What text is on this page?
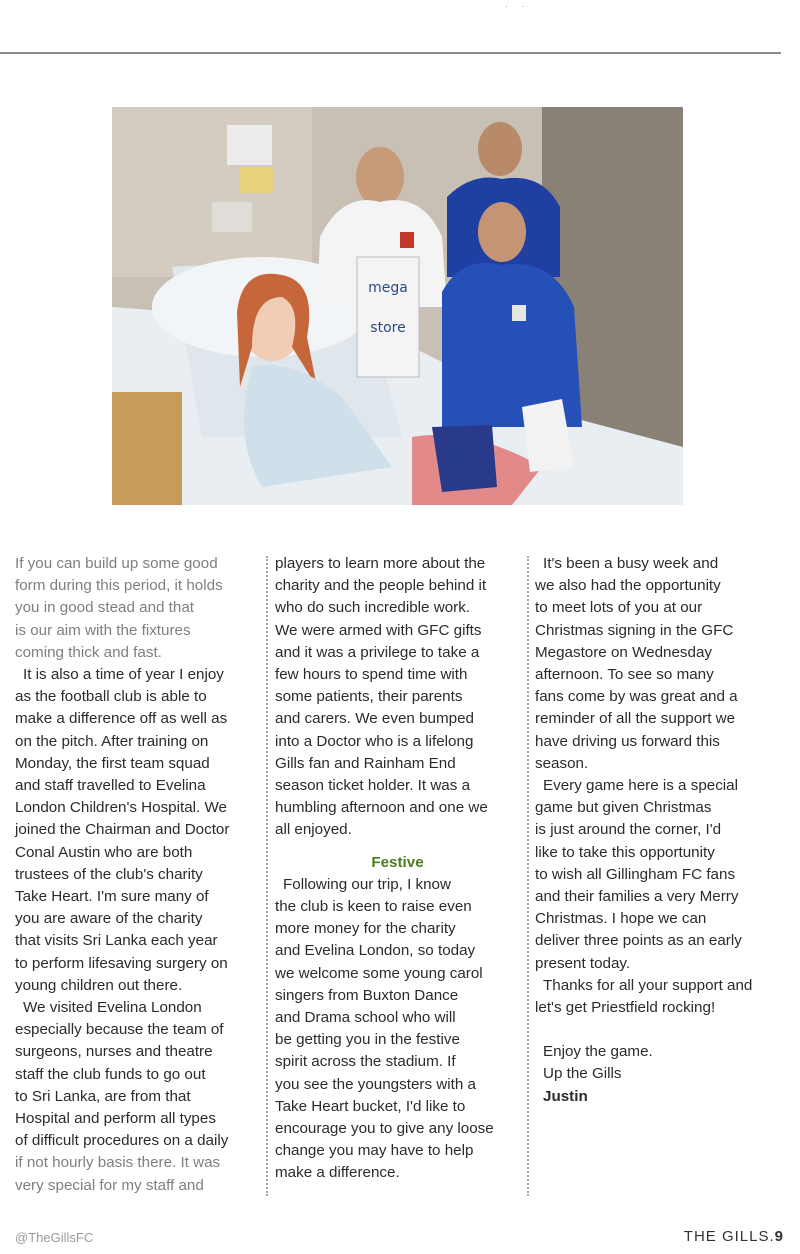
· ·
mega
store
If you can build up some good
form during this period, it holds
you in good stead and that
is our aim with the fixtures
coming thick and fast.
It is also a time of year I enjoy
as the football club is able to
make a difference off as well as
on the pitch. After training on
Monday, the first team squad
and staff travelled to Evelina
London Children's Hospital. We
joined the Chairman and Doctor
Conal Austin who are both
trustees of the club's charity
Take Heart. I'm sure many of
you are aware of the charity
that visits Sri Lanka each year
to perform lifesaving surgery on
young children out there.
We visited Evelina London
especially because the team of
surgeons, nurses and theatre
staff the club funds to go out
to Sri Lanka, are from that
Hospital and perform all types
of difficult procedures on a daily
if not hourly basis there. It was
very special for my staff and
players to learn more about the
charity and the people behind it
who do such incredible work.
We were armed with GFC gifts
and it was a privilege to take a
few hours to spend time with
some patients, their parents
and carers. We even bumped
into a Doctor who is a lifelong
Gills fan and Rainham End
season ticket holder. It was a
humbling afternoon and one we
all enjoyed.
Festive
Following our trip, I know
the club is keen to raise even
more money for the charity
and Evelina London, so today
we welcome some young carol
singers from Buxton Dance
and Drama school who will
be getting you in the festive
spirit across the stadium. If
you see the youngsters with a
Take Heart bucket, I'd like to
encourage you to give any loose
change you may have to help
make a difference.
It's been a busy week and
we also had the opportunity
to meet lots of you at our
Christmas signing in the GFC
Megastore on Wednesday
afternoon. To see so many
fans come by was great and a
reminder of all the support we
have driving us forward this
season.
Every game here is a special
game but given Christmas
is just around the corner, I'd
like to take this opportunity
to wish all Gillingham FC fans
and their families a very Merry
Christmas. I hope we can
deliver three points as an early
present today.
Thanks for all your support and
let's get Priestfield rocking!
Enjoy the game.
Up the Gills
Justin
@TheGillsFC	THE GILLS.9
